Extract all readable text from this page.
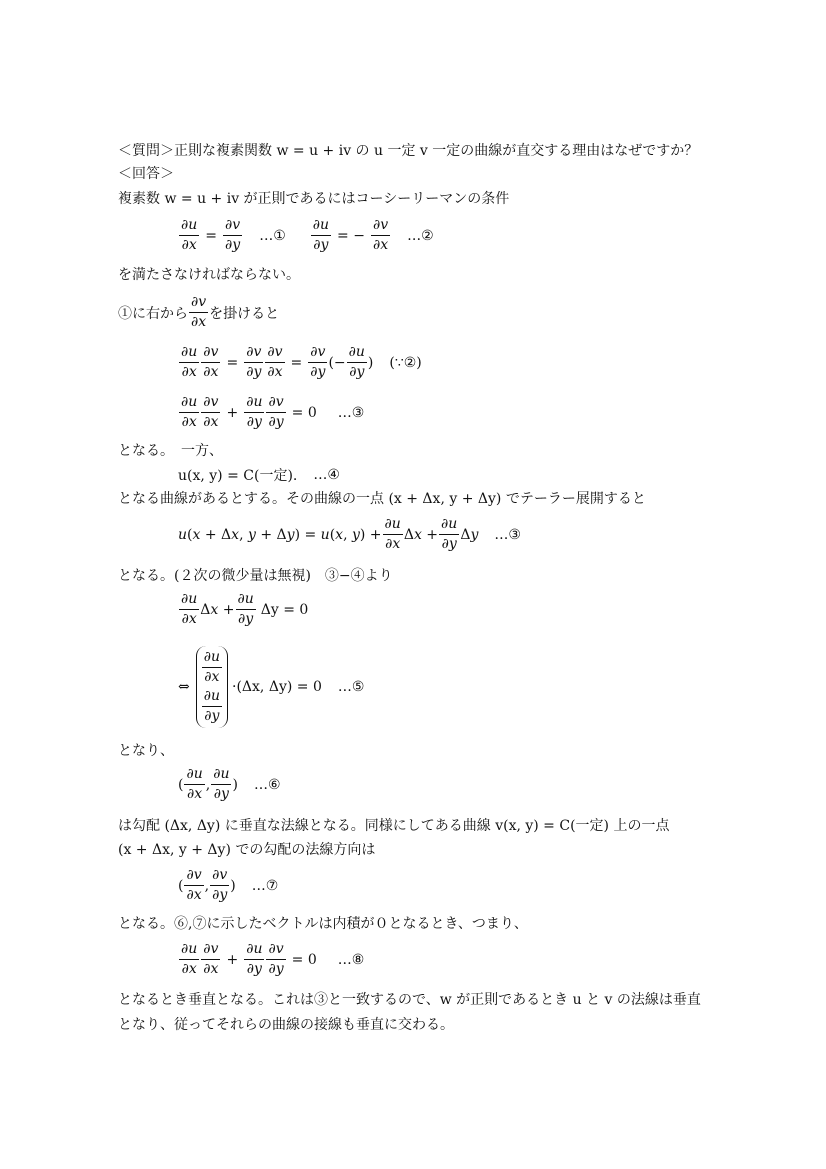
＜質問＞正則な複素関数 w = u + iv の u 一定 v 一定の曲線が直交する理由はなぜですか？
＜回答＞
複素数 w = u + iv が正則であるにはコーシーリーマンの条件
$\frac{\partial u}{\partial x} = \frac{\partial v}{\partial y}$ …① $\frac{\partial u}{\partial y}$ = − $\frac{\partial v}{\partial x}$ …②
を満たさなければならない。
①に右から $\frac{\partial v}{\partial x}$ を掛けると
$\frac{\partial u}{\partial x} \frac{\partial v}{\partial x} = \frac{\partial v}{\partial y} \frac{\partial v}{\partial x} = \frac{\partial v}{\partial y}$ (− $\frac{\partial u}{\partial y}$ ) (∵②)
$\frac{\partial u}{\partial x} \frac{\partial v}{\partial x} + \frac{\partial u}{\partial y} \frac{\partial v}{\partial y} = 0$ …③
となる。　一方、
u(x, y) = C(一定). …④
となる曲線があるとする。その曲線の一点 (x + Δx, y + Δy) でテーラー展開すると
u(x + Δx, y + Δy) = u(x, $y) + \frac{\partial u}{\partial x}$ $\Delta x + \frac{\partial u}{\partial y}$ Δy …③
となる。(２次の微少量は無視)　③−④より
$\frac{\partial u}{\partial x}$ $\Delta x + \frac{\partial u}{\partial y}$ Δy = 0
⇔ $\frac{\partial u}{\partial x}$
$\frac{\partial u}{\partial y} \cdot(\Delta x$, Δy) = 0 …⑤
となり、
( $\frac{\partial u}{\partial x}$ , $\frac{\partial u}{\partial y}$ ) …⑥
は勾配 (Δx, Δy) に垂直な法線となる。同様にしてある曲線 v(x, y) = C(一定) 上の一点
(x + Δx, y + Δy) での勾配の法線方向は
( $\frac{\partial v}{\partial x}$ , $\frac{\partial v}{\partial y}$ ) …⑦
となる。⑥,⑦に示したベクトルは内積が０となるとき、つまり、
$\frac{\partial u}{\partial x} \frac{\partial v}{\partial x} + \frac{\partial u}{\partial y} \frac{\partial v}{\partial y} = 0$ …⑧
となるとき垂直となる。これは③と一致するので、w が正則であるとき u と v の法線は垂直
となり、従ってそれらの曲線の接線も垂直に交わる。
